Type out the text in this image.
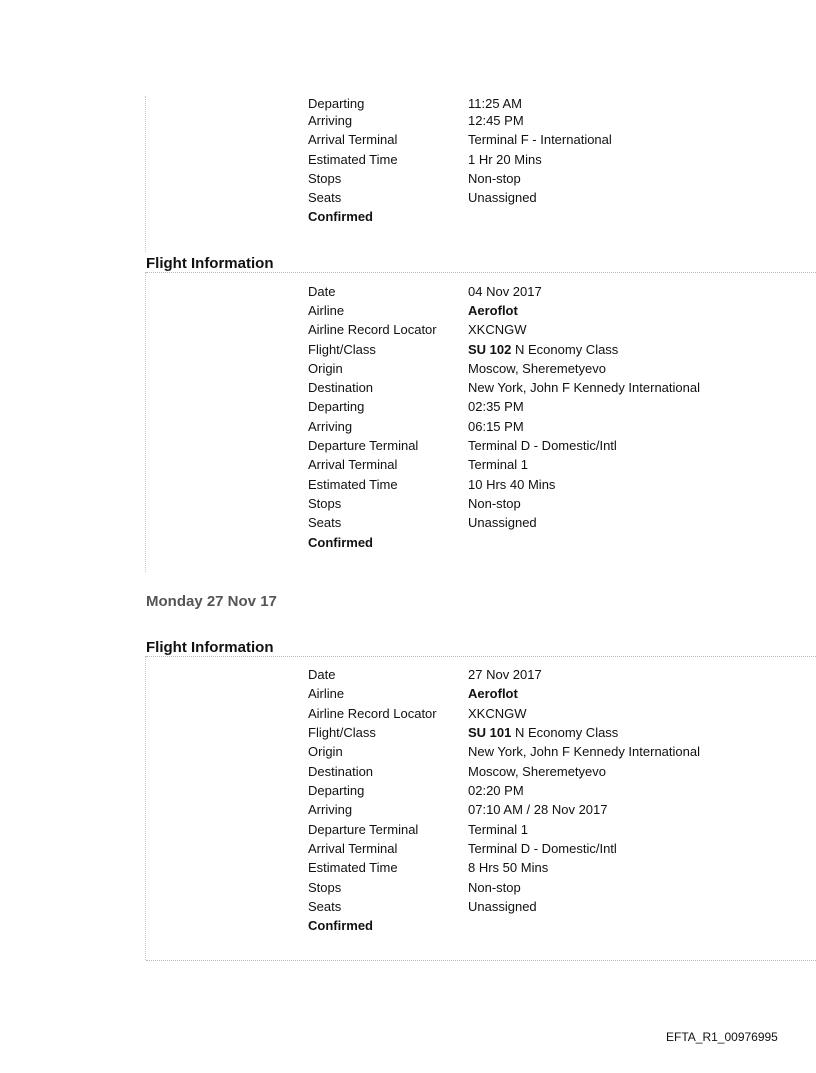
Departing	11:25 AM
Arriving	12:45 PM
Arrival Terminal	Terminal F - International
Estimated Time	1 Hr 20 Mins
Stops	Non-stop
Seats	Unassigned
Confirmed
Flight Information
Date	04 Nov 2017
Airline	Aeroflot
Airline Record Locator XKCNGW
Flight/Class	SU 102 N Economy Class
Origin	Moscow, Sheremetyevo
Destination	New York, John F Kennedy International
Departing	02:35 PM
Arriving	06:15 PM
Departure Terminal	Terminal D - Domestic/Intl
Arrival Terminal	Terminal 1
Estimated Time	10 Hrs 40 Mins
Stops	Non-stop
Seats	Unassigned
Confirmed
Monday 27 Nov 17
Flight Information
Date	27 Nov 2017
Airline	Aeroflot
Airline Record Locator XKCNGW
Flight/Class	SU 101 N Economy Class
Origin	New York, John F Kennedy International
Destination	Moscow, Sheremetyevo
Departing	02:20 PM
Arriving	07:10 AM / 28 Nov 2017
Departure Terminal	Terminal 1
Arrival Terminal	Terminal D - Domestic/Intl
Estimated Time	8 Hrs 50 Mins
Stops	Non-stop
Seats	Unassigned
Confirmed
EFTA_R1_00976995
